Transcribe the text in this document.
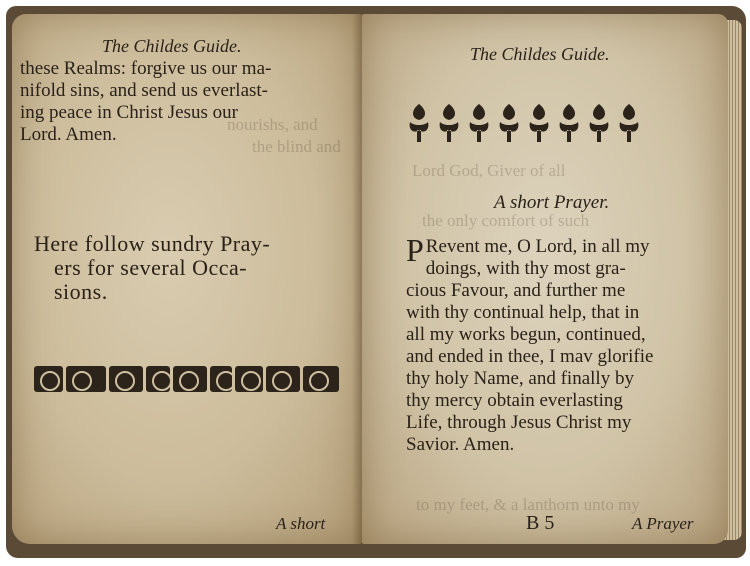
nourishs, and
the blind and
The Childes Guide.
these Realms: forgive us our ma-
nifold sins, and send us everlast-
ing peace in Christ Jesus our
Lord. Amen.
Here follow sundry Pray-
ers for several Occa-
sions.
A short
Lord God, Giver of all
the only comfort of such
to my feet, & a lanthorn unto my
The Childes Guide.
A short Prayer.
P Revent me, O Lord, in all my
doings, with thy most gra-
cious Favour, and further me
with thy continual help, that in
all my works begun, continued,
and ended in thee, I mav glorifie
thy holy Name, and finally by
thy mercy obtain everlasting
Life, through Jesus Christ my
Savior. Amen.
B 5	A Prayer
